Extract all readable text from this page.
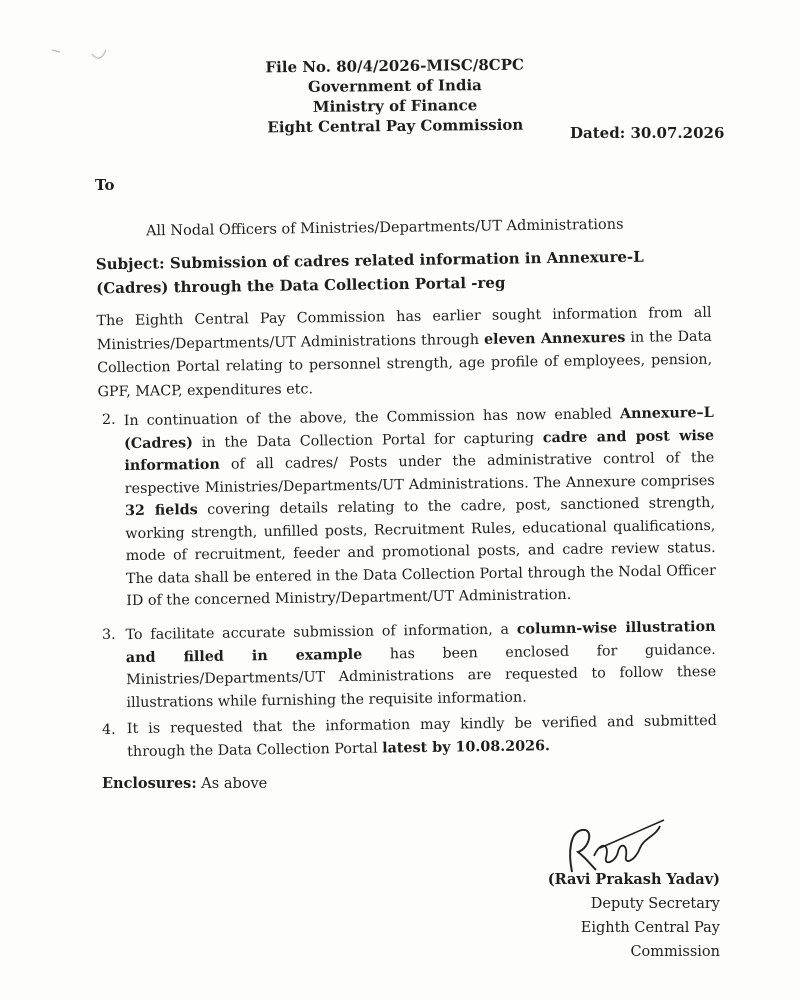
File No. 80/4/2026-MISC/8CPC
Government of India
Ministry of Finance
Eight Central Pay Commission	Dated: 30.07.2026
To
All Nodal Officers of Ministries/Departments/UT Administrations
Subject: Submission of cadres related information in Annexure-L (Cadres) through the Data Collection Portal -reg
The Eighth Central Pay Commission has earlier sought information from all Ministries/Departments/UT Administrations through eleven Annexures in the Data Collection Portal relating to personnel strength, age profile of employees, pension, GPF, MACP, expenditures etc.
2. In continuation of the above, the Commission has now enabled Annexure–L (Cadres) in the Data Collection Portal for capturing cadre and post wise information of all cadres/ Posts under the administrative control of the respective Ministries/Departments/UT Administrations. The Annexure comprises 32 fields covering details relating to the cadre, post, sanctioned strength, working strength, unfilled posts, Recruitment Rules, educational qualifications, mode of recruitment, feeder and promotional posts, and cadre review status. The data shall be entered in the Data Collection Portal through the Nodal Officer ID of the concerned Ministry/Department/UT Administration.
3. To facilitate accurate submission of information, a column-wise illustration and filled in example has been enclosed for guidance. Ministries/Departments/UT Administrations are requested to follow these illustrations while furnishing the requisite information.
4. It is requested that the information may kindly be verified and submitted through the Data Collection Portal latest by 10.08.2026.
Enclosures: As above
(Ravi Prakash Yadav)
Deputy Secretary
Eighth Central Pay Commission
